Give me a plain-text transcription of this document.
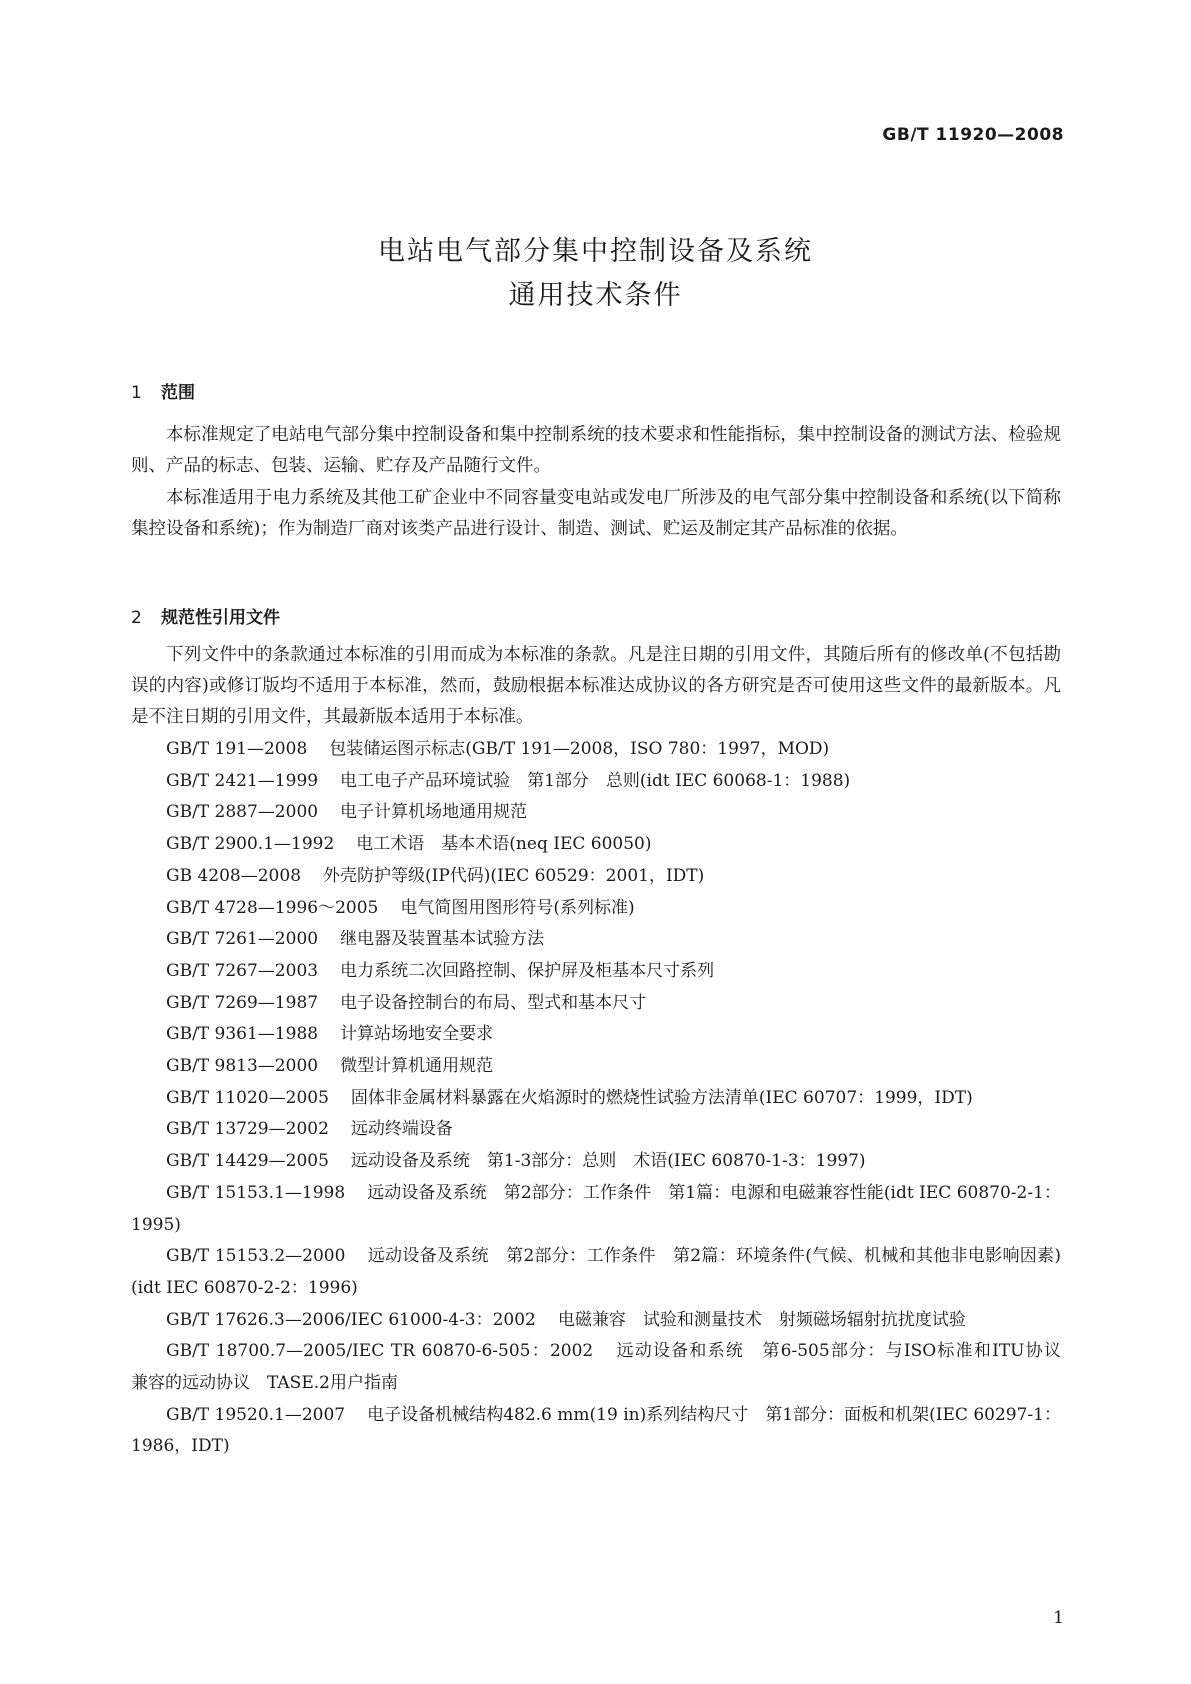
GB/T 11920—2008
电站电气部分集中控制设备及系统
通用技术条件
1 范围
本标准规定了电站电气部分集中控制设备和集中控制系统的技术要求和性能指标，集中控制设备的测试方法、检验规则、产品的标志、包装、运输、贮存及产品随行文件。
本标准适用于电力系统及其他工矿企业中不同容量变电站或发电厂所涉及的电气部分集中控制设备和系统(以下简称集控设备和系统)；作为制造厂商对该类产品进行设计、制造、测试、贮运及制定其产品标准的依据。
2 规范性引用文件
下列文件中的条款通过本标准的引用而成为本标准的条款。凡是注日期的引用文件，其随后所有的修改单(不包括勘误的内容)或修订版均不适用于本标准，然而，鼓励根据本标准达成协议的各方研究是否可使用这些文件的最新版本。凡是不注日期的引用文件，其最新版本适用于本标准。
GB/T 191—2008 包装储运图示标志(GB/T 191—2008，ISO 780：1997，MOD)
GB/T 2421—1999 电工电子产品环境试验　第1部分　总则(idt IEC 60068-1：1988)
GB/T 2887—2000 电子计算机场地通用规范
GB/T 2900.1—1992 电工术语　基本术语(neq IEC 60050)
GB 4208—2008 外壳防护等级(IP代码)(IEC 60529：2001，IDT)
GB/T 4728—1996～2005 电气简图用图形符号(系列标准)
GB/T 7261—2000 继电器及装置基本试验方法
GB/T 7267—2003 电力系统二次回路控制、保护屏及柜基本尺寸系列
GB/T 7269—1987 电子设备控制台的布局、型式和基本尺寸
GB/T 9361—1988 计算站场地安全要求
GB/T 9813—2000 微型计算机通用规范
GB/T 11020—2005 固体非金属材料暴露在火焰源时的燃烧性试验方法清单(IEC 60707：1999，IDT)
GB/T 13729—2002 远动终端设备
GB/T 14429—2005 远动设备及系统　第1-3部分：总则　术语(IEC 60870-1-3：1997)
GB/T 15153.1—1998 远动设备及系统　第2部分：工作条件　第1篇：电源和电磁兼容性能(idt IEC 60870-2-1：1995)
GB/T 15153.2—2000 远动设备及系统　第2部分：工作条件　第2篇：环境条件(气候、机械和其他非电影响因素)(idt IEC 60870-2-2：1996)
GB/T 17626.3—2006/IEC 61000-4-3：2002 电磁兼容　试验和测量技术　射频磁场辐射抗扰度试验
GB/T 18700.7—2005/IEC TR 60870-6-505：2002 远动设备和系统　第6-505部分：与ISO标准和ITU协议　兼容的远动协议　TASE.2用户指南
GB/T 19520.1—2007 电子设备机械结构482.6 mm(19 in)系列结构尺寸　第1部分：面板和机架(IEC 60297-1：1986，IDT)
1
